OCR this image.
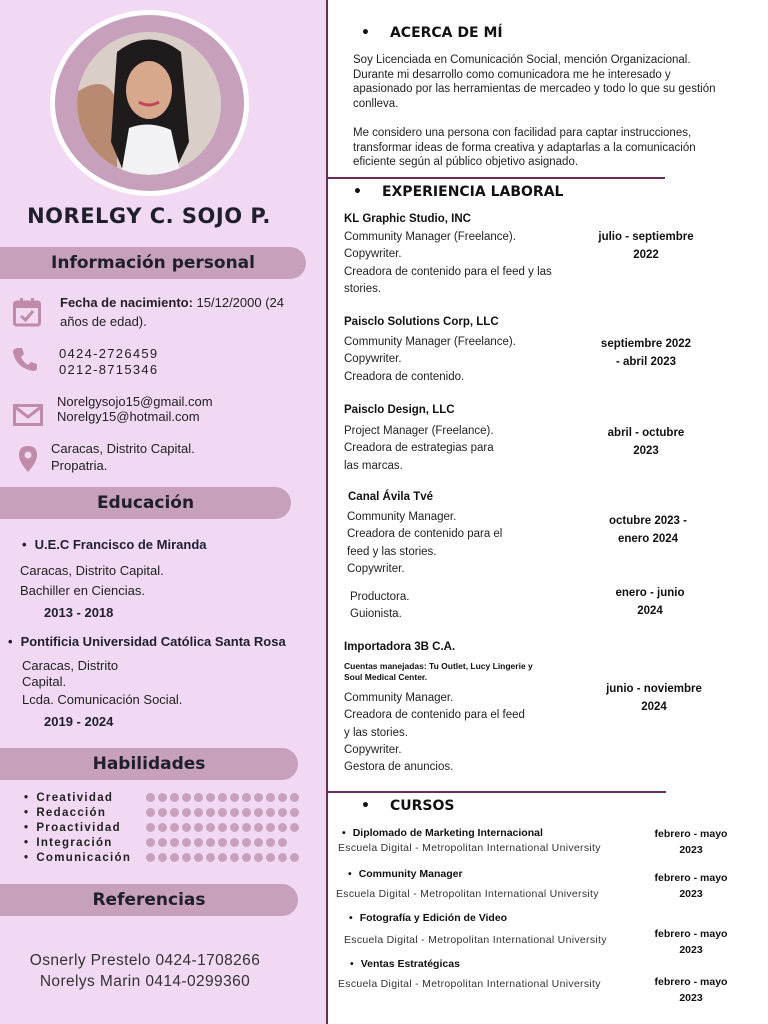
NORELGY C. SOJO P.
Información personal
Fecha de nacimiento: 15/12/2000 (24 años de edad).
0424-2726459
0212-8715346
Norelgysojo15@gmail.com
Norelgy15@hotmail.com
Caracas, Distrito Capital.
Propatria.
Educación
• U.E.C Francisco de Miranda
Caracas, Distrito Capital.
Bachiller en Ciencias.
2013 - 2018
• Pontificia Universidad Católica Santa Rosa
Caracas, Distrito
Capital.
Lcda. Comunicación Social.
2019 - 2024
Habilidades
• Creatividad
• Redacción
• Proactividad
• Integración
• Comunicación
Referencias
Osnerly Prestelo 0424-1708266
Norelys Marin 0414-0299360
• ACERCA DE MÍ

Soy Licenciada en Comunicación Social, mención Organizacional. Durante mi desarrollo como comunicadora me he interesado y apasionado por las herramientas de mercadeo y todo lo que su gestión conlleva.

Me considero una persona con facilidad para captar instrucciones, transformar ideas de forma creativa y adaptarlas a la comunicación eficiente según al público objetivo asignado.

• EXPERIENCIA LABORAL
KL Graphic Studio, INC
Community Manager (Freelance).
Copywriter.
Creadora de contenido para el feed y las
stories.
julio - septiembre
2022
Paisclo Solutions Corp, LLC
Community Manager (Freelance).
Copywriter.
Creadora de contenido.
septiembre 2022
- abril 2023
Paisclo Design, LLC
Project Manager (Freelance).
Creadora de estrategias para
las marcas.
abril - octubre
2023
Canal Ávila Tvé
Community Manager.
Creadora de contenido para el
feed y las stories.
Copywriter.
octubre 2023 -
enero 2024
Productora.
Guionista.
enero - junio
2024
Importadora 3B C.A.
Cuentas manejadas: Tu Outlet, Lucy Lingerie y
Soul Medical Center.
Community Manager.
Creadora de contenido para el feed
y las stories.
Copywriter.
Gestora de anuncios.
junio - noviembre
2024
• CURSOS
• Diplomado de Marketing Internacional
Escuela Digital - Metropolitan International University
febrero - mayo
2023
• Community Manager
Escuela Digital - Metropolitan International University
febrero - mayo
2023
• Fotografía y Edición de Video
Escuela Digital - Metropolitan International University	febrero - mayo
2023
• Ventas Estratégicas
Escuela Digital - Metropolitan International University	febrero - mayo
2023
